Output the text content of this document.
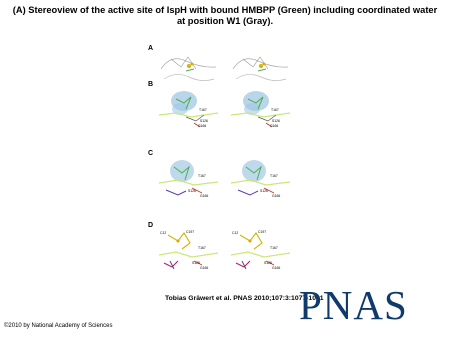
(A) Stereoview of the active site of IspH with bound HMBPP (Green) including coordinated water
at position W1 (Gray).
A
B
T167
S126
G166
T167
S126
G166
C
T167
S126
G166
T167
S126
G166
D
C12	C197
T167
S125
G166
C12	C197
T167
S125
G166
Tobias Gräwert et al. PNAS 2010;107:3:1077-1081
PNAS
©2010 by National Academy of Sciences
